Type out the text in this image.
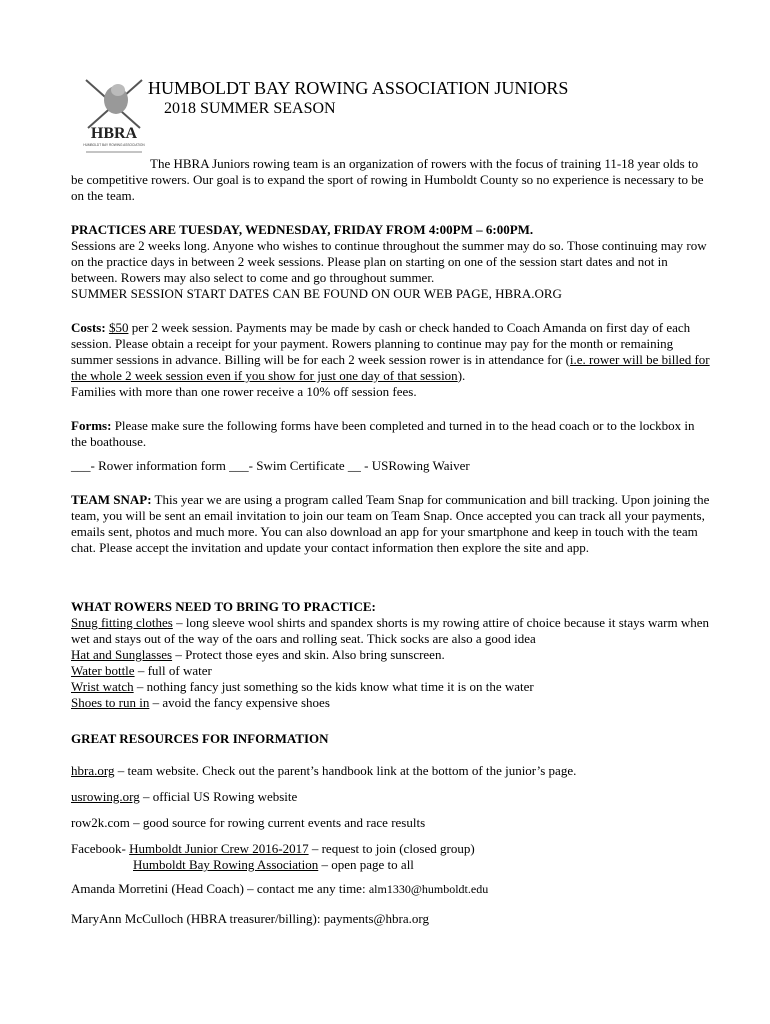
HBRA
HUMBOLDT BAY ROWING ASSOCIATION
HUMBOLDT BAY ROWING ASSOCIATION JUNIORS
2018 SUMMER SEASON

The HBRA Juniors rowing team is an organization of rowers with the focus of training 11-18 year olds to be competitive rowers. Our goal is to expand the sport of rowing in Humboldt County so no experience is necessary to be on the team.

PRACTICES ARE TUESDAY, WEDNESDAY, FRIDAY FROM 4:00PM – 6:00PM.

Sessions are 2 weeks long. Anyone who wishes to continue throughout the summer may do so. Those continuing may row on the practice days in between 2 week sessions. Please plan on starting on one of the session start dates and not in between. Rowers may also select to come and go throughout summer.

SUMMER SESSION START DATES CAN BE FOUND ON OUR WEB PAGE, HBRA.ORG

Costs: $50 per 2 week session. Payments may be made by cash or check handed to Coach Amanda on first day of each session. Please obtain a receipt for your payment. Rowers planning to continue may pay for the month or remaining summer sessions in advance. Billing will be for each 2 week session rower is in attendance for (i.e. rower will be billed for the whole 2 week session even if you show for just one day of that session).

Families with more than one rower receive a 10% off session fees.

Forms: Please make sure the following forms have been completed and turned in to the head coach or to the lockbox in the boathouse.

___- Rower information form ___- Swim Certificate __ - USRowing Waiver

TEAM SNAP: This year we are using a program called Team Snap for communication and bill tracking. Upon joining the team, you will be sent an email invitation to join our team on Team Snap. Once accepted you can track all your payments, emails sent, photos and much more. You can also download an app for your smartphone and keep in touch with the team chat. Please accept the invitation and update your contact information then explore the site and app.

WHAT ROWERS NEED TO BRING TO PRACTICE:

Snug fitting clothes – long sleeve wool shirts and spandex shorts is my rowing attire of choice because it stays warm when wet and stays out of the way of the oars and rolling seat. Thick socks are also a good idea

Hat and Sunglasses – Protect those eyes and skin. Also bring sunscreen.

Water bottle – full of water

Wrist watch – nothing fancy just something so the kids know what time it is on the water

Shoes to run in – avoid the fancy expensive shoes

GREAT RESOURCES FOR INFORMATION

hbra.org – team website. Check out the parent’s handbook link at the bottom of the junior’s page.

usrowing.org – official US Rowing website

row2k.com – good source for rowing current events and race results

Facebook- Humboldt Junior Crew 2016-2017 – request to join (closed group)

Humboldt Bay Rowing Association – open page to all

Amanda Morretini (Head Coach) – contact me any time: alm1330@humboldt.edu

MaryAnn McCulloch (HBRA treasurer/billing): payments@hbra.org
